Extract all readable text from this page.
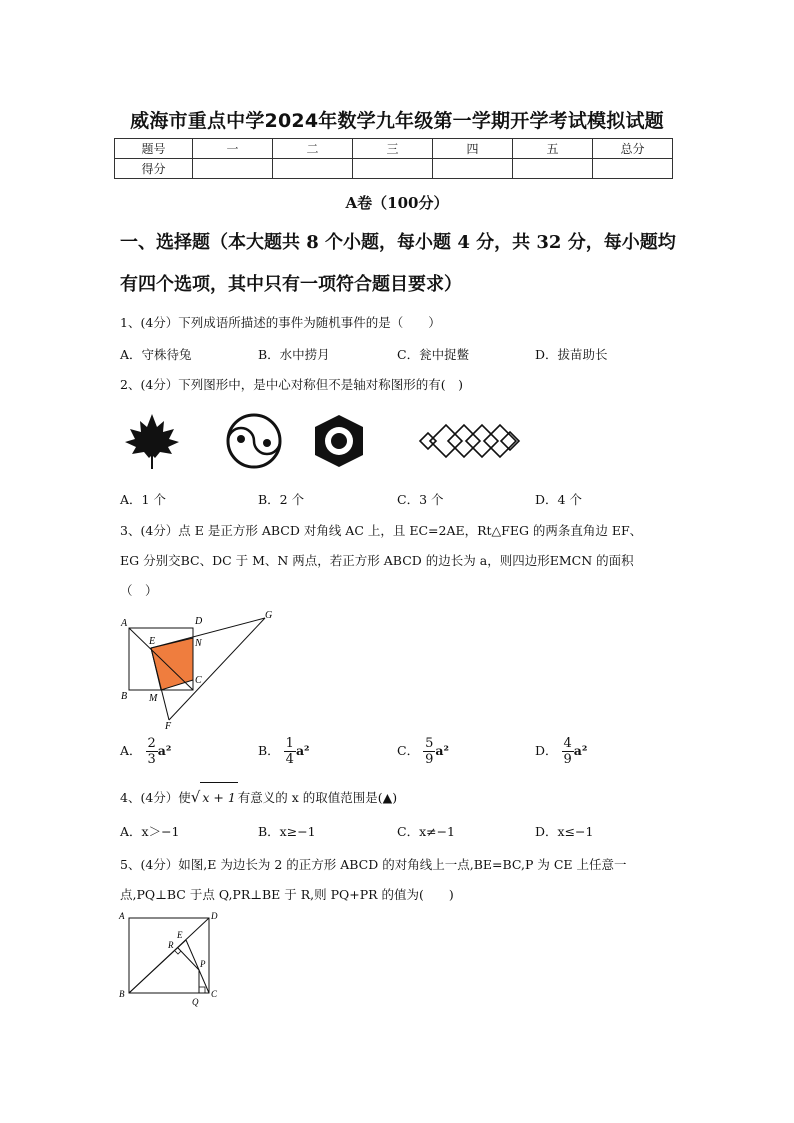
威海市重点中学2024年数学九年级第一学期开学考试模拟试题
题号	一	二	三	四	五	总分
得分						
A卷（100分）
一、选择题（本大题共 8 个小题，每小题 4 分，共 32 分，每小题均
有四个选项，其中只有一项符合题目要求）
1、(4分）下列成语所描述的事件为随机事件的是（　　）
A．守株待兔	B．水中捞月	C．瓮中捉鳖	D．拔苗助长
2、(4分）下列图形中，是中心对称但不是轴对称图形的有(　)
A．1 个	B．2 个	C．3 个	D．4 个
3、(4分）点 E 是正方形 ABCD 对角线 AC 上，且 EC=2AE，Rt△FEG 的两条直角边 EF、
EG 分别交BC、DC 于 M、N 两点，若正方形 ABCD 的边长为 a，则四边形EMCN 的面积
（　）
A	D
G
E	N
C
B M
F
A． $\frac{2}{3} a^2$	B． $\frac{1}{4} a^2$	C． $\frac{5}{9} a^2$	D． $\frac{4}{9} a^2$
4、(4分）使√ x + 1 有意义的 x 的取值范围是(▲)
A．x＞−1	B．x≥−1	C．x≠−1	D．x≤−1
5、(4分）如图,E 为边长为 2 的正方形 ABCD 的对角线上一点,BE=BC,P 为 CE 上任意一
点,PQ⊥BC 于点 Q,PR⊥BE 于 R,则 PQ+PR 的值为(　　)
A	D
E
R
P
B
Q
C
